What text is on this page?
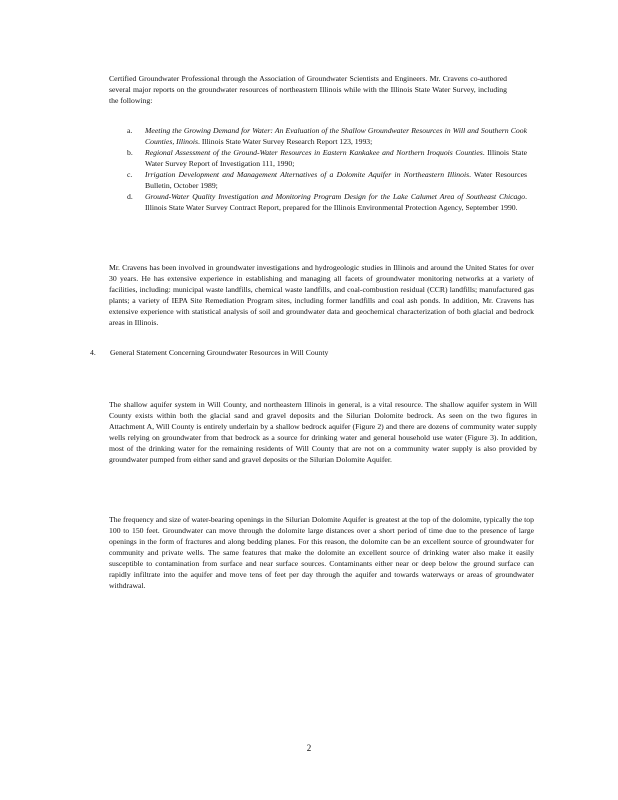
Certified Groundwater Professional through the Association of Groundwater Scientists and Engineers. Mr. Cravens co-authored several major reports on the groundwater resources of northeastern Illinois while with the Illinois State Water Survey, including the following:

a. Meeting the Growing Demand for Water: An Evaluation of the Shallow Groundwater Resources in Will and Southern Cook Counties, Illinois. Illinois State Water Survey Research Report 123, 1993;
b. Regional Assessment of the Ground-Water Resources in Eastern Kankakee and Northern Iroquois Counties. Illinois State Water Survey Report of Investigation 111, 1990;
c. Irrigation Development and Management Alternatives of a Dolomite Aquifer in Northeastern Illinois. Water Resources Bulletin, October 1989;
d. Ground-Water Quality Investigation and Monitoring Program Design for the Lake Calumet Area of Southeast Chicago. Illinois State Water Survey Contract Report, prepared for the Illinois Environmental Protection Agency, September 1990.

Mr. Cravens has been involved in groundwater investigations and hydrogeologic studies in Illinois and around the United States for over 30 years. He has extensive experience in establishing and managing all facets of groundwater monitoring networks at a variety of facilities, including: municipal waste landfills, chemical waste landfills, and coal-combustion residual (CCR) landfills; manufactured gas plants; a variety of IEPA Site Remediation Program sites, including former landfills and coal ash ponds. In addition, Mr. Cravens has extensive experience with statistical analysis of soil and groundwater data and geochemical characterization of both glacial and bedrock areas in Illinois.

4. General Statement Concerning Groundwater Resources in Will County

The shallow aquifer system in Will County, and northeastern Illinois in general, is a vital resource. The shallow aquifer system in Will County exists within both the glacial sand and gravel deposits and the Silurian Dolomite bedrock. As seen on the two figures in Attachment A, Will County is entirely underlain by a shallow bedrock aquifer (Figure 2) and there are dozens of community water supply wells relying on groundwater from that bedrock as a source for drinking water and general household use water (Figure 3). In addition, most of the drinking water for the remaining residents of Will County that are not on a community water supply is also provided by groundwater pumped from either sand and gravel deposits or the Silurian Dolomite Aquifer.

The frequency and size of water-bearing openings in the Silurian Dolomite Aquifer is greatest at the top of the dolomite, typically the top 100 to 150 feet. Groundwater can move through the dolomite large distances over a short period of time due to the presence of large openings in the form of fractures and along bedding planes. For this reason, the dolomite can be an excellent source of groundwater for community and private wells. The same features that make the dolomite an excellent source of drinking water also make it easily susceptible to contamination from surface and near surface sources. Contaminants either near or deep below the ground surface can rapidly infiltrate into the aquifer and move tens of feet per day through the aquifer and towards waterways or areas of groundwater withdrawal.

2
